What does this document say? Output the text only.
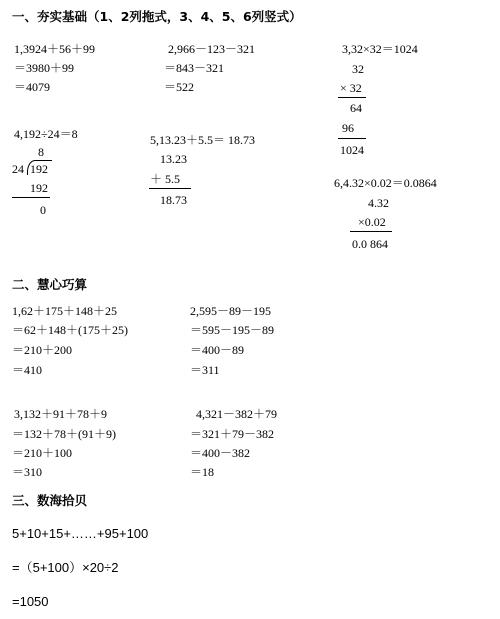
一、夯实基础（1、2列拖式，3、4、5、6列竖式）
1,3924＋56＋99
＝3980＋99
＝4079
2,966－123－321
＝843－321
＝522
3,32×32＝1024
32
× 32
64
96
1024
4,192÷24＝8
8
24 192
192
0
5,13.23＋5.5＝ 18.73
13.23
＋ 5.5
18.73
6,4.32×0.02＝0.0864
4.32
×0.02
0.0 864
二、慧心巧算
1,62＋175＋148＋25
＝62＋148＋(175＋25)
＝210＋200
＝410
2,595－89－195
＝595－195－89
＝400－89
＝311
3,132＋91＋78＋9
＝132＋78＋(91＋9)
＝210＋100
＝310
4,321－382＋79
＝321＋79－382
＝400－382
＝18
三、数海拾贝
5+10+15+……+95+100
=（5+100）×20÷2
=1050
